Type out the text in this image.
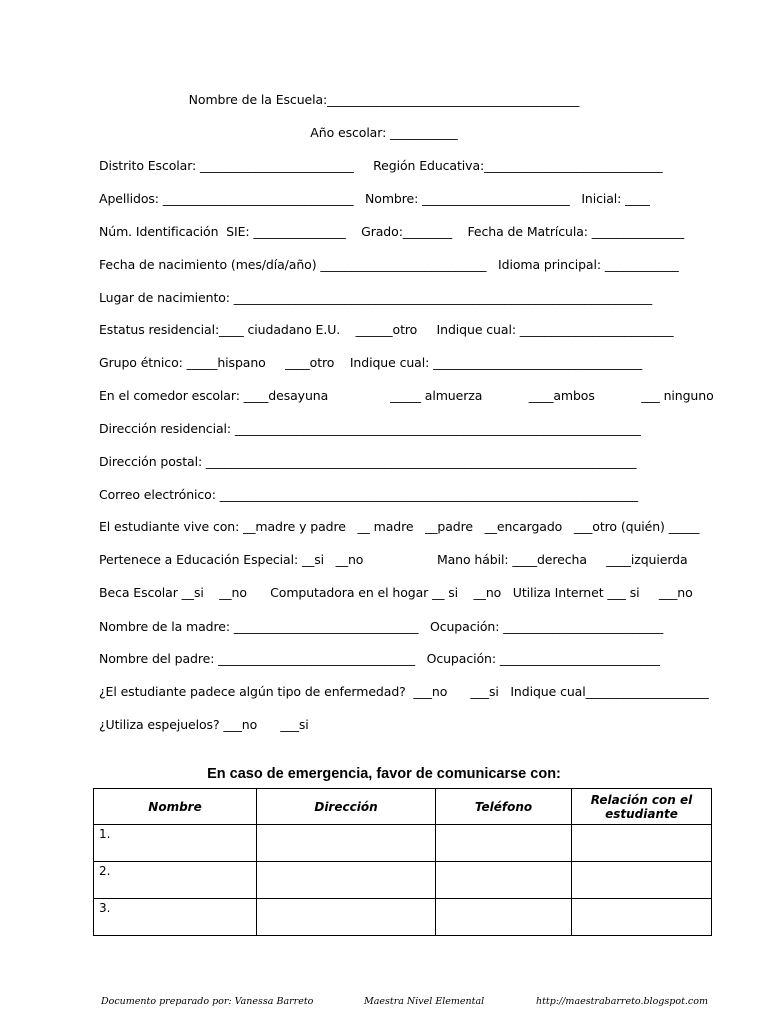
Nombre de la Escuela:_________________________________________
Año escolar: ___________
Distrito Escolar: _________________________     Región Educativa:_____________________________
Apellidos: _______________________________   Nombre: ________________________   Inicial: ____
Núm. Identificación  SIE: _______________    Grado:________    Fecha de Matrícula: _______________
Fecha de nacimiento (mes/día/año) ___________________________   Idioma principal: ____________
Lugar de nacimiento: ____________________________________________________________________
Estatus residencial:____ ciudadano E.U.    ______otro     Indique cual: _________________________
Grupo étnico: _____hispano     ____otro    Indique cual: __________________________________
En el comedor escolar: ____desayuna                _____ almuerza            ____ambos            ___ ninguno
Dirección residencial: __________________________________________________________________
Dirección postal: ______________________________________________________________________
Correo electrónico: ____________________________________________________________________
El estudiante vive con: __madre y padre   __ madre   __padre   __encargado   ___otro (quién) _____
Pertenece a Educación Especial: __si   __no                   Mano hábil: ____derecha     ____izquierda
Beca Escolar __si    __no      Computadora en el hogar __ si    __no   Utiliza Internet ___ si     ___no
Nombre de la madre: ______________________________   Ocupación: __________________________
Nombre del padre: ________________________________   Ocupación: __________________________
¿El estudiante padece algún tipo de enfermedad?  ___no      ___si   Indique cual____________________
¿Utiliza espejuelos? ___no      ___si
En caso de emergencia, favor de comunicarse con:
Nombre	Dirección	Teléfono	Relación con el estudiante
1.			
2.			
3.			
Documento preparado por: Vanessa Barreto	Maestra Nivel Elemental	http://maestrabarreto.blogspot.com
